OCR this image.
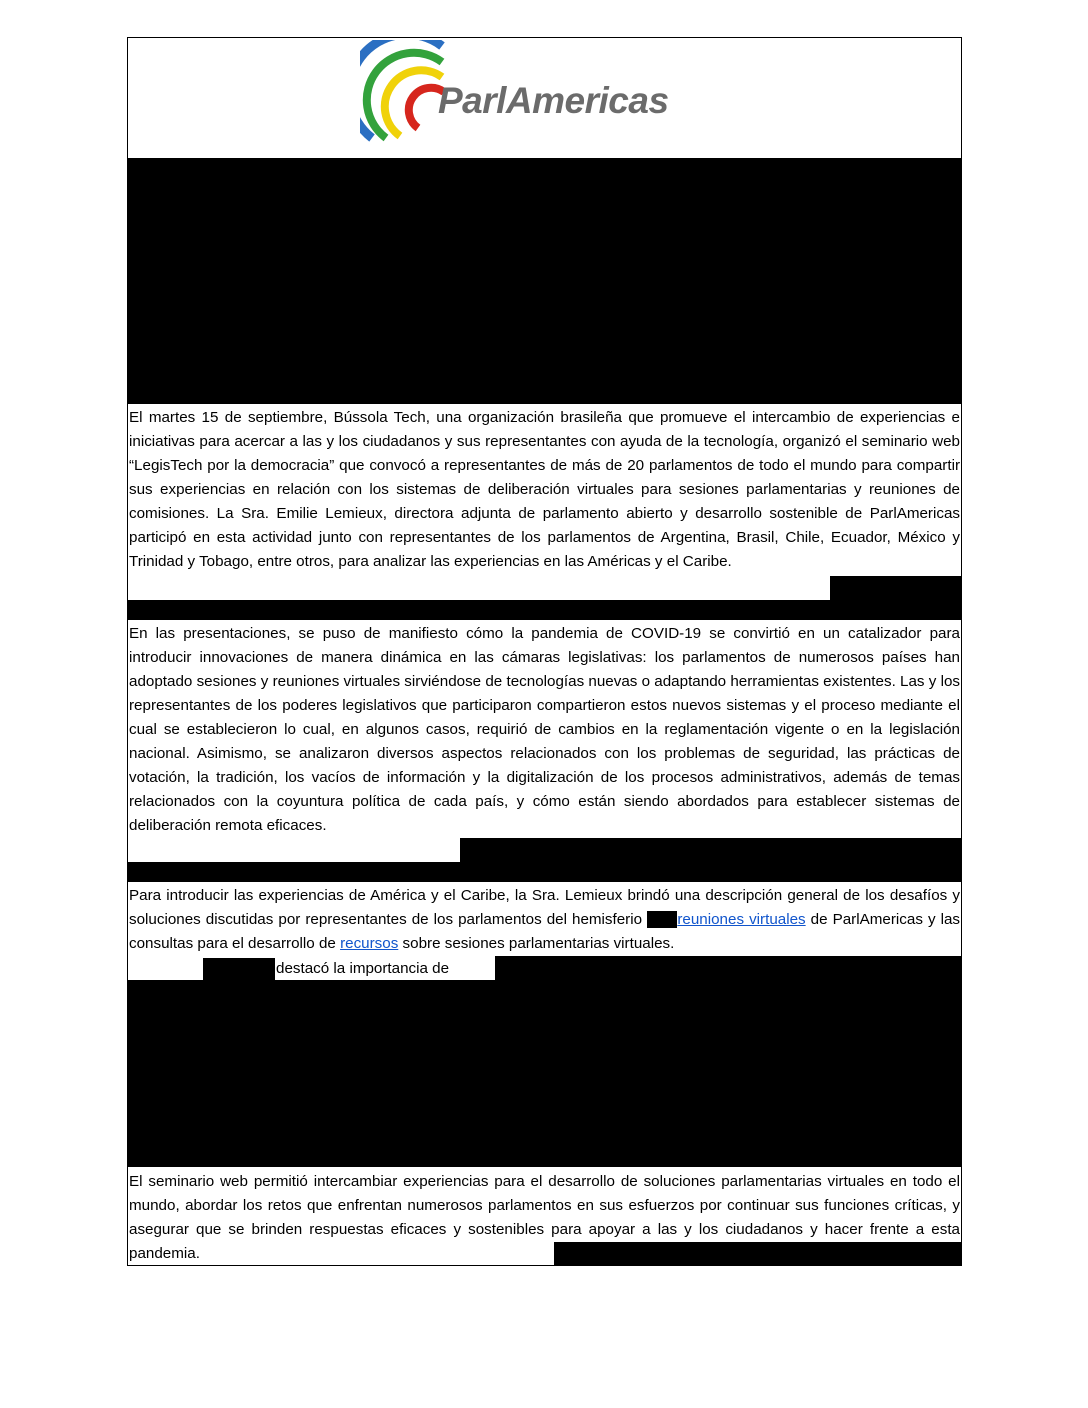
ParlAmericas

El martes 15 de septiembre, Bússola Tech, una organización brasileña que promueve el intercambio de experiencias e iniciativas para acercar a las y los ciudadanos y sus representantes con ayuda de la tecnología, organizó el seminario web “LegisTech por la democracia” que convocó a representantes de más de 20 parlamentos de todo el mundo para compartir sus experiencias en relación con los sistemas de deliberación virtuales para sesiones parlamentarias y reuniones de comisiones. La Sra. Emilie Lemieux, directora adjunta de parlamento abierto y desarrollo sostenible de ParlAmericas participó en esta actividad junto con representantes de los parlamentos de Argentina, Brasil, Chile, Ecuador, México y Trinidad y Tobago, entre otros, para analizar las experiencias en las Américas y el Caribe.

En las presentaciones, se puso de manifiesto cómo la pandemia de COVID-19 se convirtió en un catalizador para introducir innovaciones de manera dinámica en las cámaras legislativas: los parlamentos de numerosos países han adoptado sesiones y reuniones virtuales sirviéndose de tecnologías nuevas o adaptando herramientas existentes. Las y los representantes de los poderes legislativos que participaron compartieron estos nuevos sistemas y el proceso mediante el cual se establecieron lo cual, en algunos casos, requirió de cambios en la reglamentación vigente o en la legislación nacional. Asimismo, se analizaron diversos aspectos relacionados con los problemas de seguridad, las prácticas de votación, la tradición, los vacíos de información y la digitalización de los procesos administrativos, además de temas relacionados con la coyuntura política de cada país, y cómo están siendo abordados para establecer sistemas de deliberación remota eficaces.

Para introducir las experiencias de América y el Caribe, la Sra. Lemieux brindó una descripción general de los desafíos y soluciones discutidas por representantes de los parlamentos del hemisferio       reuniones virtuales de ParlAmericas y las consultas para el desarrollo de recursos sobre sesiones parlamentarias virtuales.

destacó la importancia de

El seminario web permitió intercambiar experiencias para el desarrollo de soluciones parlamentarias virtuales en todo el mundo, abordar los retos que enfrentan numerosos parlamentos en sus esfuerzos por continuar sus funciones críticas, y asegurar que se brinden respuestas eficaces y sostenibles para apoyar a las y los ciudadanos y hacer frente a esta pandemia.
